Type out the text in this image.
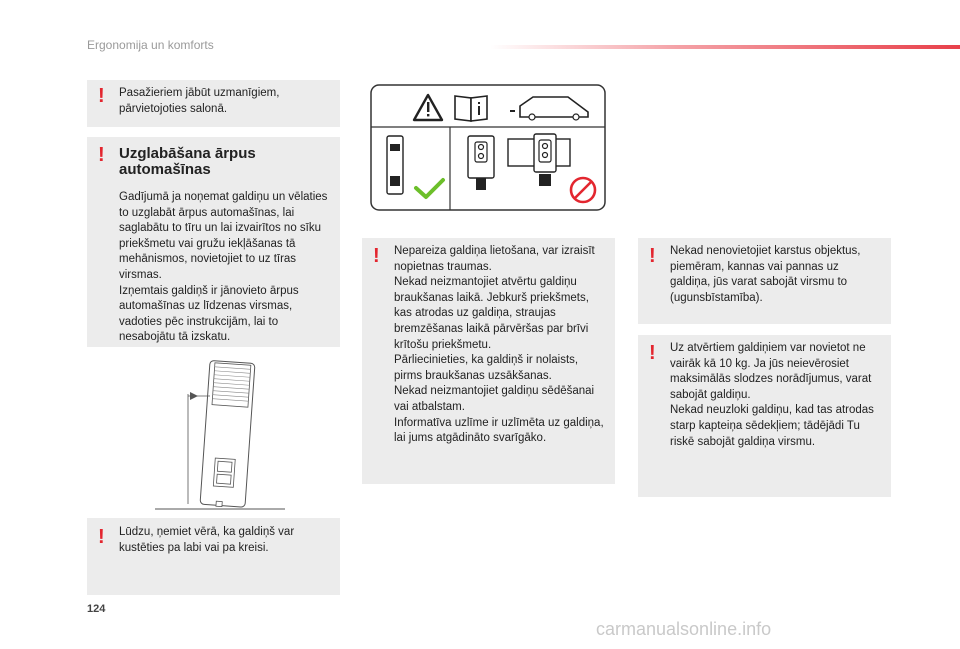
Ergonomija un komforts
! Pasažieriem jābūt uzmanīgiem, pārvietojoties salonā.

! Uzglabāšana ārpus automašīnas

Gadījumā ja noņemat galdiņu un vēlaties to uzglabāt ārpus automašīnas, lai saglabātu to tīru un lai izvairītos no sīku priekšmetu vai gružu iekļāšanas tā mehānismos, novietojiet to uz tīras virsmas.

Izņemtais galdiņš ir jānovieto ārpus automašīnas uz līdzenas virsmas, vadoties pēc instrukcijām, lai to nesabojātu tā izskatu.

! Lūdzu, ņemiet vērā, ka galdiņš var kustēties pa labi vai pa kreisi.

! Nepareiza galdiņa lietošana, var izraisīt nopietnas traumas.

Nekad neizmantojiet atvērtu galdiņu braukšanas laikā. Jebkurš priekšmets, kas atrodas uz galdiņa, straujas bremzēšanas laikā pārvēršas par brīvi krītošu priekšmetu.

Pārliecinieties, ka galdiņš ir nolaists, pirms braukšanas uzsākšanas.

Nekad neizmantojiet galdiņu sēdēšanai vai atbalstam.

Informatīva uzlīme ir uzlīmēta uz galdiņa, lai jums atgādināto svarīgāko.

! Nekad nenovietojiet karstus objektus, piemēram, kannas vai pannas uz galdiņa, jūs varat sabojāt virsmu to (ugunsbīstamība).

! Uz atvērtiem galdiņiem var novietot ne vairāk kā 10 kg. Ja jūs neievērosiet maksimālās slodzes norādījumus, varat sabojāt galdiņu.

Nekad neuzloki galdiņu, kad tas atrodas starp kapteiņa sēdekļiem; tādējādi Tu riskē sabojāt galdiņa virsmu.

124
carmanualsonline.info
